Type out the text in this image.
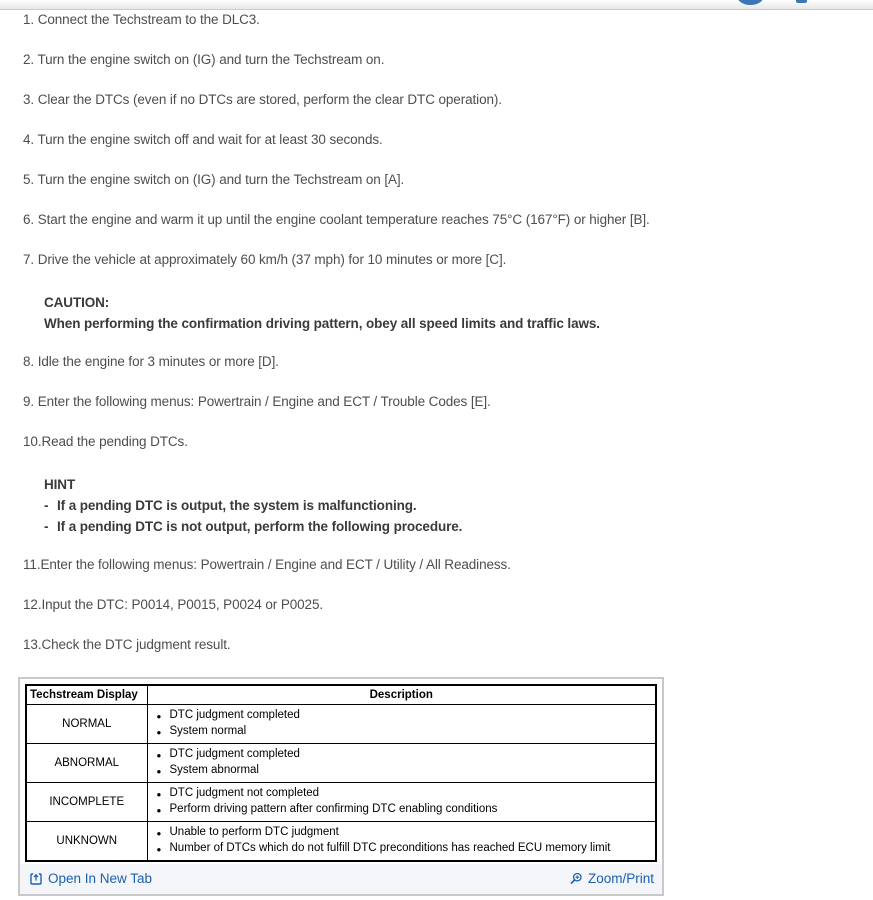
1. Connect the Techstream to the DLC3.

2. Turn the engine switch on (IG) and turn the Techstream on.

3. Clear the DTCs (even if no DTCs are stored, perform the clear DTC operation).

4. Turn the engine switch off and wait for at least 30 seconds.

5. Turn the engine switch on (IG) and turn the Techstream on [A].

6. Start the engine and warm it up until the engine coolant temperature reaches 75°C (167°F) or higher [B].

7. Drive the vehicle at approximately 60 km/h (37 mph) for 10 minutes or more [C].

CAUTION:
When performing the confirmation driving pattern, obey all speed limits and traffic laws.

8. Idle the engine for 3 minutes or more [D].

9. Enter the following menus: Powertrain / Engine and ECT / Trouble Codes [E].

10.Read the pending DTCs.

HINT
- If a pending DTC is output, the system is malfunctioning.
- If a pending DTC is not output, perform the following procedure.

11.Enter the following menus: Powertrain / Engine and ECT / Utility / All Readiness.

12.Input the DTC: P0014, P0015, P0024 or P0025.

13.Check the DTC judgment result.

Techstream Display	Description
NORMAL	
● DTC judgment completed
● System normal

ABNORMAL	
● DTC judgment completed
● System abnormal

INCOMPLETE	
● DTC judgment not completed
● Perform driving pattern after confirming DTC enabling conditions

UNKNOWN	
● Unable to perform DTC judgment
● Number of DTCs which do not fulfill DTC preconditions has reached ECU memory limit
Open In New Tab	Zoom/Print
